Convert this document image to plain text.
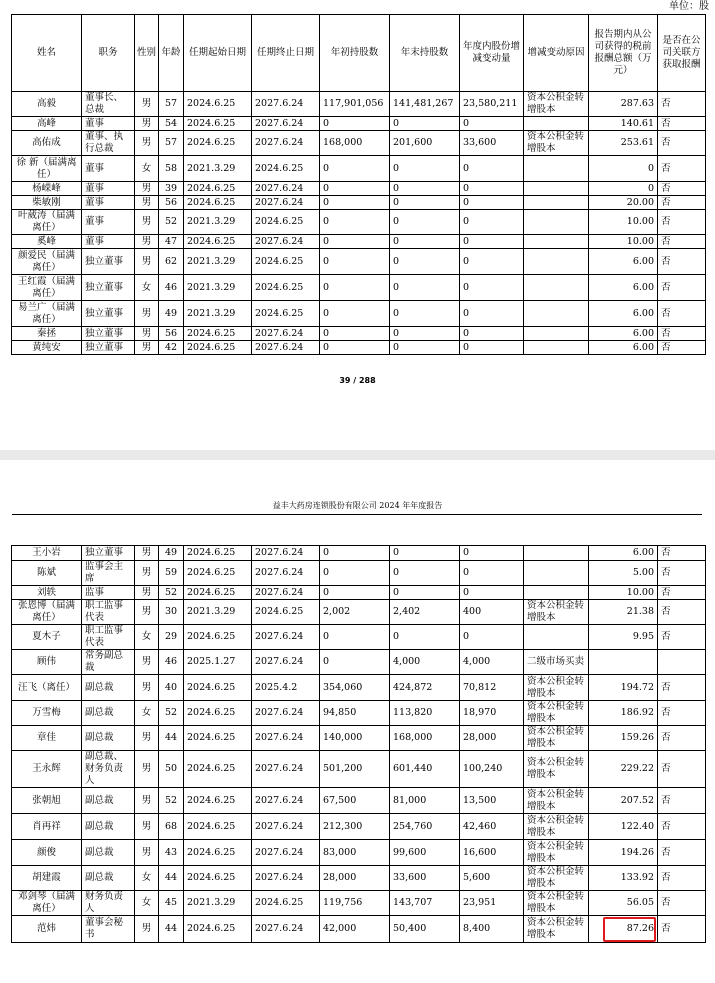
单位：股
姓名	职务	性别	年龄	任期起始日期	任期终止日期	年初持股数	年末持股数	年度内股份增减变动量	增减变动原因	报告期内从公司获得的税前报酬总额（万元）	是否在公司关联方获取报酬
高毅	董事长、总裁	男	57	2024.6.25	2027.6.24	117,901,056	141,481,267	23,580,211	资本公积金转增股本	287.63	否
高峰	董事	男	54	2024.6.25	2027.6.24	0	0	0		140.61	否
高佑成	董事、执行总裁	男	57	2024.6.25	2027.6.24	168,000	201,600	33,600	资本公积金转增股本	253.61	否
徐 新（届满离任）	董事	女	58	2021.3.29	2024.6.25	0	0	0		0	否
杨嵘峰	董事	男	39	2024.6.25	2027.6.24	0	0	0		0	否
柴敏刚	董事	男	56	2024.6.25	2027.6.24	0	0	0		20.00	否
叶葳涛（届满离任）	董事	男	52	2021.3.29	2024.6.25	0	0	0		10.00	否
奚峰	董事	男	47	2024.6.25	2027.6.24	0	0	0		10.00	否
颜爱民（届满离任）	独立董事	男	62	2021.3.29	2024.6.25	0	0	0		6.00	否
王红霞（届满离任）	独立董事	女	46	2021.3.29	2024.6.25	0	0	0		6.00	否
易兰广（届满离任）	独立董事	男	49	2021.3.29	2024.6.25	0	0	0		6.00	否
秦拯	独立董事	男	56	2024.6.25	2027.6.24	0	0	0		6.00	否
黄纯安	独立董事	男	42	2024.6.25	2027.6.24	0	0	0		6.00	否
39 / 288
益丰大药房连锁股份有限公司 2024 年年度报告
王小岩	独立董事	男	49	2024.6.25	2027.6.24	0	0	0		6.00	否
陈斌	监事会主席	男	59	2024.6.25	2027.6.24	0	0	0		5.00	否
刘轶	监事	男	52	2024.6.25	2027.6.24	0	0	0		10.00	否
张恩博（届满离任）	职工监事代表	男	30	2021.3.29	2024.6.25	2,002	2,402	400	资本公积金转增股本	21.38	否
夏木子	职工监事代表	女	29	2024.6.25	2027.6.24	0	0	0		9.95	否
顾伟	常务副总裁	男	46	2025.1.27	2027.6.24	0	4,000	4,000	二级市场买卖		
汪飞（离任）	副总裁	男	40	2024.6.25	2025.4.2	354,060	424,872	70,812	资本公积金转增股本	194.72	否
万雪梅	副总裁	女	52	2024.6.25	2027.6.24	94,850	113,820	18,970	资本公积金转增股本	186.92	否
章佳	副总裁	男	44	2024.6.25	2027.6.24	140,000	168,000	28,000	资本公积金转增股本	159.26	否
王永辉	副总裁、财务负责人	男	50	2024.6.25	2027.6.24	501,200	601,440	100,240	资本公积金转增股本	229.22	否
张朝旭	副总裁	男	52	2024.6.25	2027.6.24	67,500	81,000	13,500	资本公积金转增股本	207.52	否
肖再祥	副总裁	男	68	2024.6.25	2027.6.24	212,300	254,760	42,460	资本公积金转增股本	122.40	否
颜俊	副总裁	男	43	2024.6.25	2027.6.24	83,000	99,600	16,600	资本公积金转增股本	194.26	否
胡建霞	副总裁	女	44	2024.6.25	2027.6.24	28,000	33,600	5,600	资本公积金转增股本	133.92	否
邓剑琴（届满离任）	财务负责人	女	45	2021.3.29	2024.6.25	119,756	143,707	23,951	资本公积金转增股本	56.05	否
范炜	董事会秘书	男	44	2024.6.25	2027.6.24	42,000	50,400	8,400	资本公积金转增股本	87.26	否
